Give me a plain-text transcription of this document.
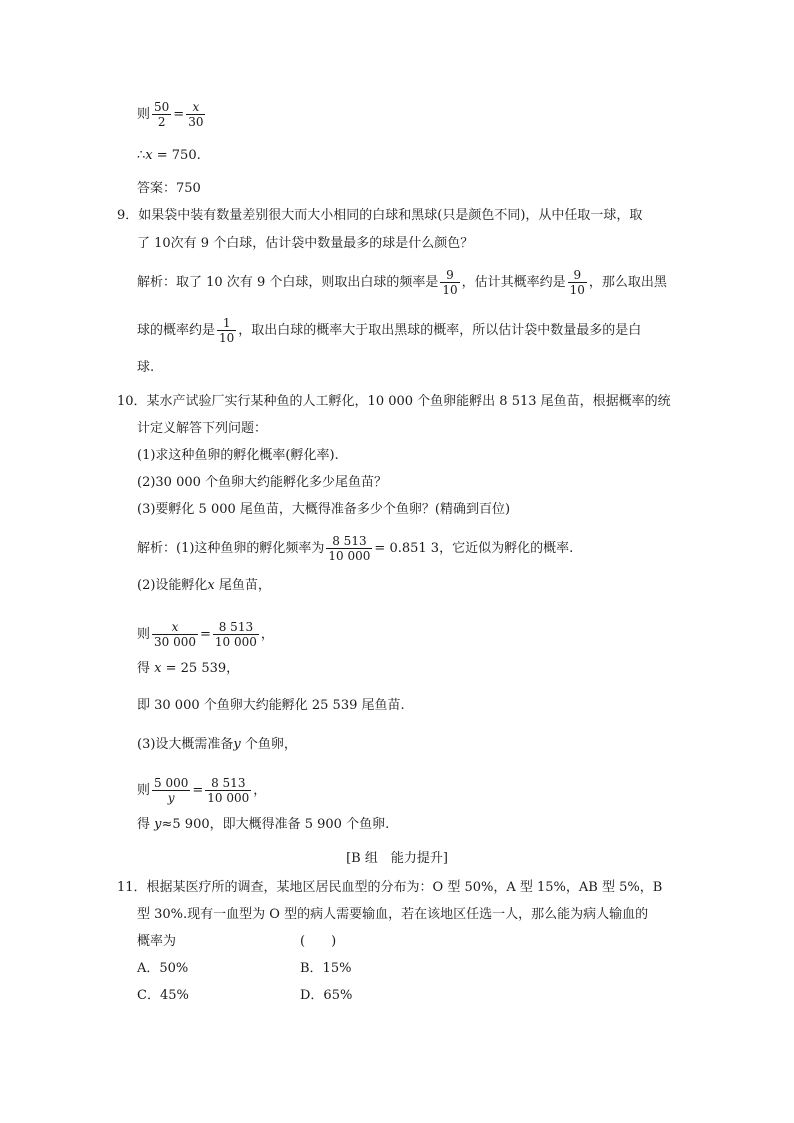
则 $\frac{50}{2} = \frac{x}{30}$
∴x = 750.
答案：750
9．如果袋中装有数量差别很大而大小相同的白球和黑球(只是颜色不同)，从中任取一球，取
了 10次有 9 个白球，估计袋中数量最多的球是什么颜色？
解析：取了 10 次有 9 个白球，则取出白球的频率是 $\frac{9}{10}$ ，估计其概率约是 $\frac{9}{10}$ ，那么取出黑
球的概率约是 $\frac{1}{10}$ ，取出白球的概率大于取出黑球的概率，所以估计袋中数量最多的是白
球.
10．某水产试验厂实行某种鱼的人工孵化，10 000 个鱼卵能孵出 8 513 尾鱼苗，根据概率的统
计定义解答下列问题：
(1)求这种鱼卵的孵化概率(孵化率).
(2)30 000 个鱼卵大约能孵化多少尾鱼苗？
(3)要孵化 5 000 尾鱼苗，大概得准备多少个鱼卵？(精确到百位)
解析：(1)这种鱼卵的孵化频率为 $\frac{8 513}{10 000} = 0.851$ 3，它近似为孵化的概率.
(2)设能孵化x 尾鱼苗，
则 $\frac{x}{30 000} = \frac{8 513}{10 000}$ ，
得 x = 25 539，
即 30 000 个鱼卵大约能孵化 25 539 尾鱼苗.
(3)设大概需准备y 个鱼卵，
则 $\frac{5 000}{y} = \frac{8 513}{10 000}$ ，
得 y≈5 900，即大概得准备 5 900 个鱼卵.
[B 组　能力提升]
11．根据某医疗所的调查，某地区居民血型的分布为：O 型 50%，A 型 15%，AB 型 5%，B
型 30%.现有一血型为 O 型的病人需要输血，若在该地区任选一人，那么能为病人输血的
概率为	(　　)
A．50%	B．15%
C．45%	D．65%
